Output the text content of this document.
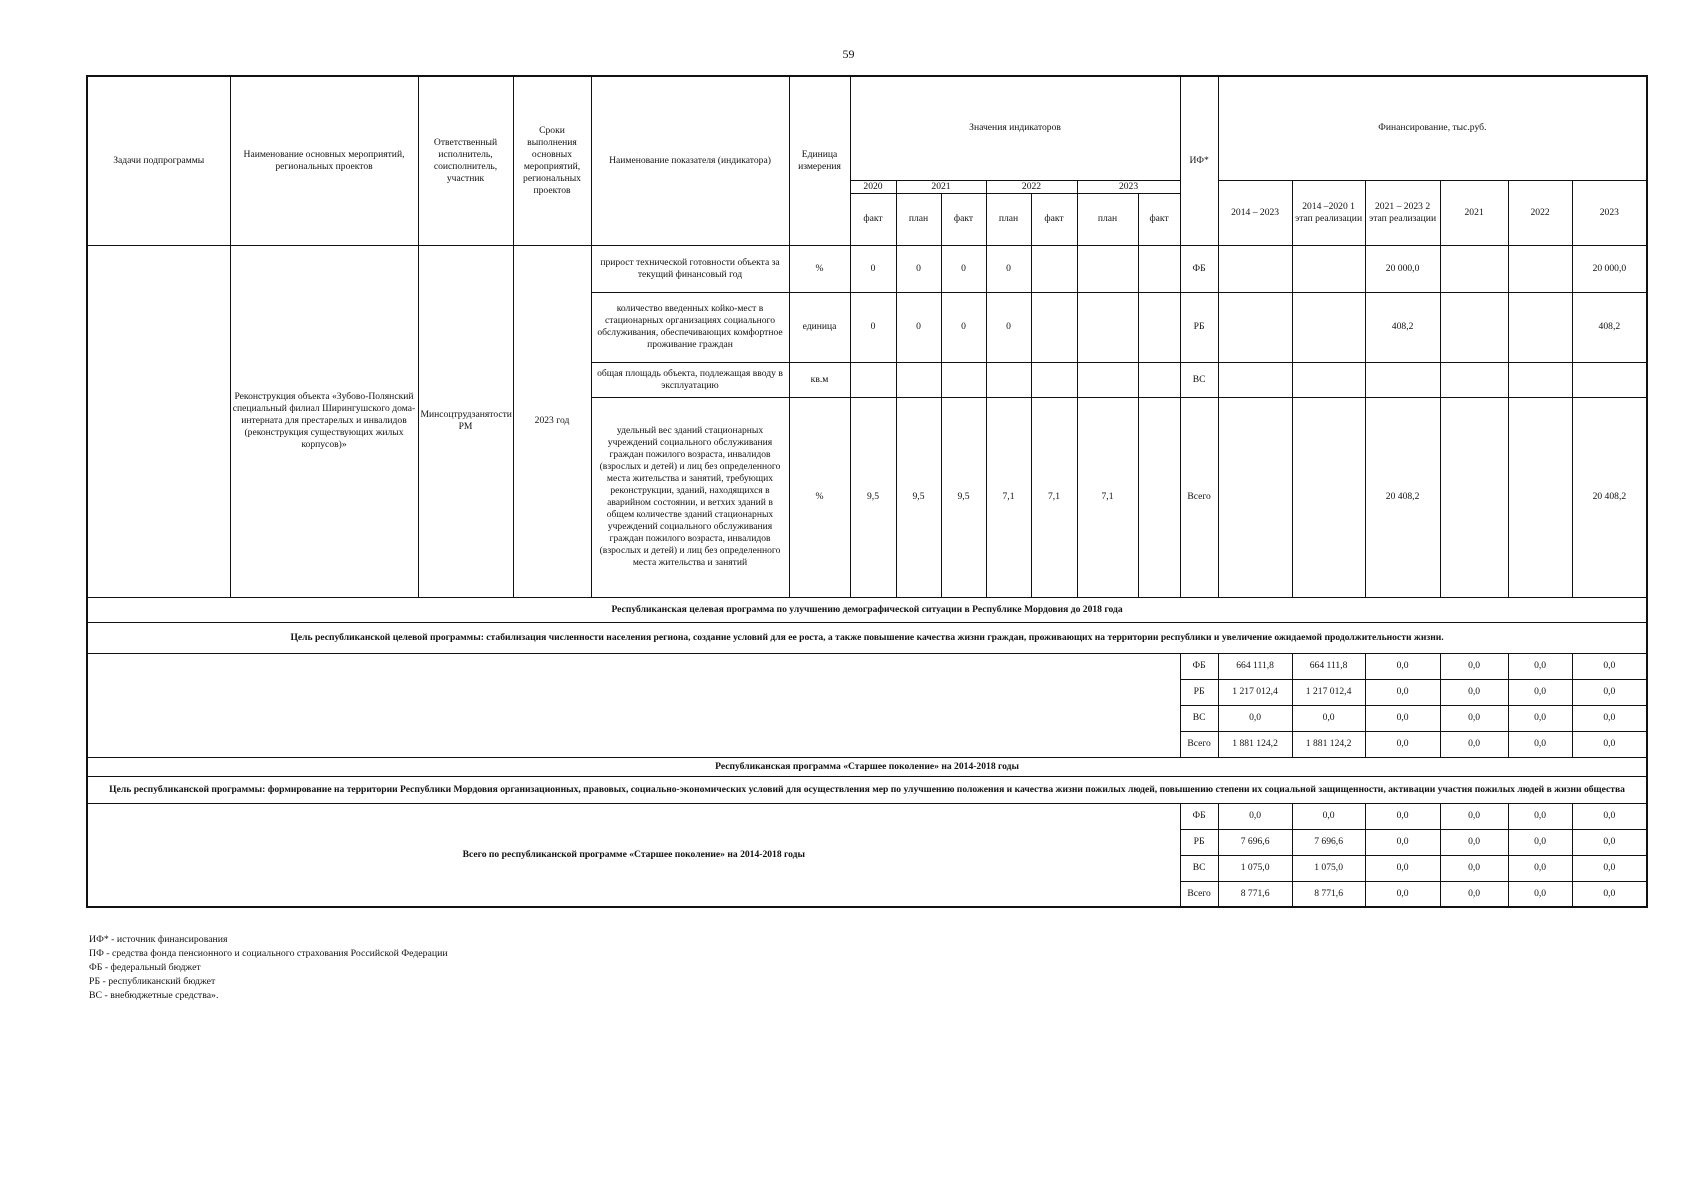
59
Задачи подпрограммы	Наименование основных мероприятий, региональных проектов	Ответственный исполнитель, соисполнитель, участник	Сроки выполнения основных мероприятий, региональных проектов	Наименование показателя (индикатора)	Единица измерения	Значения индикаторов							ИФ*	Финансирование, тыс.руб.					
						2020	2021		2022		2023			2014 – 2023	2014 –2020 1 этап реализации	2021 – 2023 2 этап реализации	2021	2022	2023
						факт	план	факт	план	факт	план	факт							
	Реконструкция объекта «Зубово-Полянский специальный филиал Ширингушского дома-интерната для престарелых и инвалидов (реконструкция существующих жилых корпусов)»	Минсоцтрудзанятости РМ	2023 год	прирост технической готовности объекта за текущий финансовый год	%	0	0	0	0				ФБ			20 000,0			20 000,0
				количество введенных койко-мест в стационарных организациях социального обслуживания, обеспечивающих комфортное проживание граждан	единица	0	0	0	0				РБ			408,2			408,2
				общая площадь объекта, подлежащая вводу в эксплуатацию	кв.м								ВС						
				удельный вес зданий стационарных учреждений социального обслуживания граждан пожилого возраста, инвалидов (взрослых и детей) и лиц без определенного места жительства и занятий, требующих реконструкции, зданий, находящихся в аварийном состоянии, и ветхих зданий в общем количестве зданий стационарных учреждений социального обслуживания граждан пожилого возраста, инвалидов (взрослых и детей) и лиц без определенного места жительства и занятий	%	9,5	9,5	9,5	7,1	7,1	7,1		Всего			20 408,2			20 408,2
Республиканская целевая программа по улучшению демографической ситуации в Республике Мордовия до 2018 года																			
Цель республиканской целевой программы: стабилизация численности населения региона, создание условий для ее роста, а также повышение качества жизни граждан, проживающих на территории республики и увеличение ожидаемой продолжительности жизни.																			
													ФБ	664 111,8	664 111,8	0,0	0,0	0,0	0,0
													РБ	1 217 012,4	1 217 012,4	0,0	0,0	0,0	0,0
													ВС	0,0	0,0	0,0	0,0	0,0	0,0
													Всего	1 881 124,2	1 881 124,2	0,0	0,0	0,0	0,0
Республиканская программа «Старшее поколение» на 2014-2018 годы																			
Цель республиканской программы: формирование на территории Республики Мордовия организационных, правовых, социально-экономических условий для осуществления мер по улучшению положения и качества жизни пожилых людей, повышению степени их социальной защищенности, активации участия пожилых людей в жизни общества																			
Всего по республиканской программе «Старшее поколение» на 2014-2018 годы													ФБ	0,0	0,0	0,0	0,0	0,0	0,0
													РБ	7 696,6	7 696,6	0,0	0,0	0,0	0,0
													ВС	1 075,0	1 075,0	0,0	0,0	0,0	0,0
													Всего	8 771,6	8 771,6	0,0	0,0	0,0	0,0
ИФ* - источник финансирования
ПФ - средства фонда пенсионного и социального страхования Российской Федерации
ФБ - федеральный бюджет
РБ - республиканский бюджет
ВС - внебюджетные средства».
